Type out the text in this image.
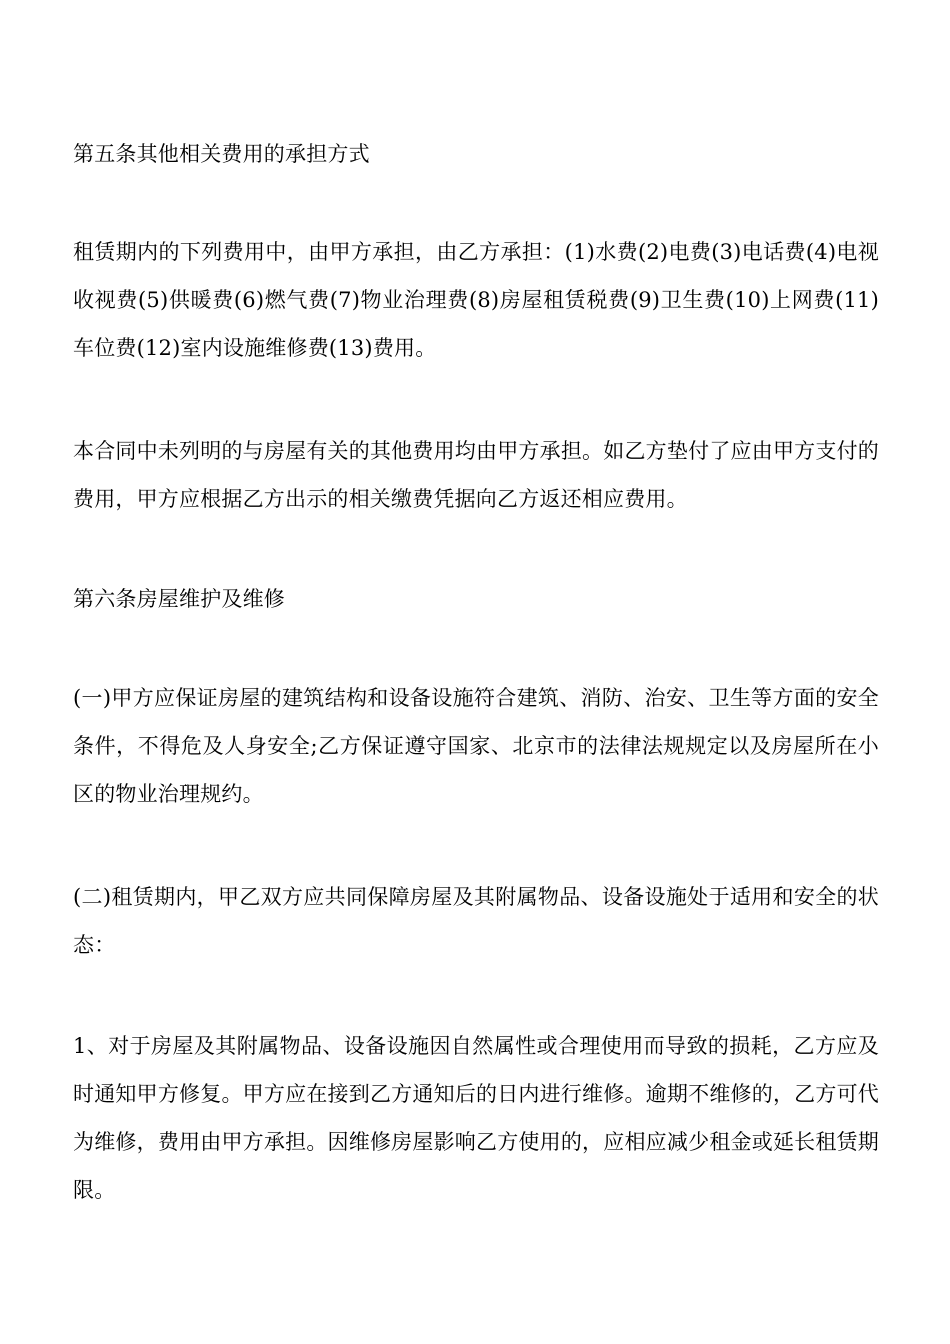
第五条其他相关费用的承担方式

租赁期内的下列费用中，由甲方承担，由乙方承担：(1)水费(2)电费(3)电话费(4)电视收视费(5)供暖费(6)燃气费(7)物业治理费(8)房屋租赁税费(9)卫生费(10)上网费(11)车位费(12)室内设施维修费(13)费用。

本合同中未列明的与房屋有关的其他费用均由甲方承担。如乙方垫付了应由甲方支付的费用，甲方应根据乙方出示的相关缴费凭据向乙方返还相应费用。

第六条房屋维护及维修

(一)甲方应保证房屋的建筑结构和设备设施符合建筑、消防、治安、卫生等方面的安全条件，不得危及人身安全;乙方保证遵守国家、北京市的法律法规规定以及房屋所在小区的物业治理规约。

(二)租赁期内，甲乙双方应共同保障房屋及其附属物品、设备设施处于适用和安全的状态：

1、对于房屋及其附属物品、设备设施因自然属性或合理使用而导致的损耗，乙方应及时通知甲方修复。甲方应在接到乙方通知后的日内进行维修。逾期不维修的，乙方可代为维修，费用由甲方承担。因维修房屋影响乙方使用的，应相应减少租金或延长租赁期限。
